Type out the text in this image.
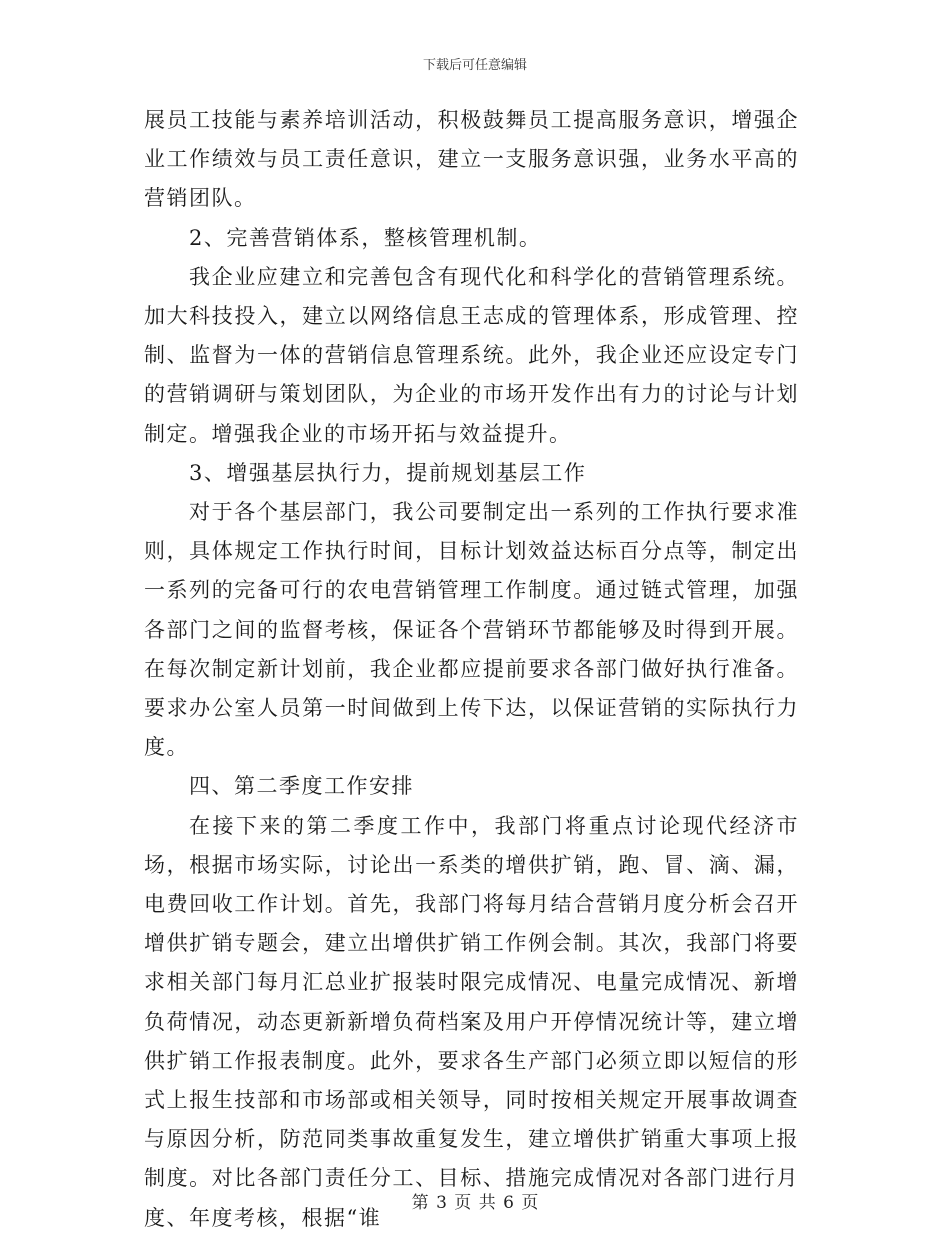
下载后可任意编辑

展员工技能与素养培训活动，积极鼓舞员工提高服务意识，增强企业工作绩效与员工责任意识，建立一支服务意识强，业务水平高的营销团队。

2、完善营销体系，整核管理机制。

我企业应建立和完善包含有现代化和科学化的营销管理系统。加大科技投入，建立以网络信息王志成的管理体系，形成管理、控制、监督为一体的营销信息管理系统。此外，我企业还应设定专门的营销调研与策划团队，为企业的市场开发作出有力的讨论与计划制定。增强我企业的市场开拓与效益提升。

3、增强基层执行力，提前规划基层工作

对于各个基层部门，我公司要制定出一系列的工作执行要求准则，具体规定工作执行时间，目标计划效益达标百分点等，制定出一系列的完备可行的农电营销管理工作制度。通过链式管理，加强各部门之间的监督考核，保证各个营销环节都能够及时得到开展。在每次制定新计划前，我企业都应提前要求各部门做好执行准备。要求办公室人员第一时间做到上传下达，以保证营销的实际执行力度。

四、第二季度工作安排

在接下来的第二季度工作中，我部门将重点讨论现代经济市场，根据市场实际，讨论出一系类的增供扩销，跑、冒、滴、漏，电费回收工作计划。首先，我部门将每月结合营销月度分析会召开增供扩销专题会，建立出增供扩销工作例会制。其次，我部门将要求相关部门每月汇总业扩报装时限完成情况、电量完成情况、新增负荷情况，动态更新新增负荷档案及用户开停情况统计等，建立增供扩销工作报表制度。此外，要求各生产部门必须立即以短信的形式上报生技部和市场部或相关领导，同时按相关规定开展事故调查与原因分析，防范同类事故重复发生，建立增供扩销重大事项上报制度。对比各部门责任分工、目标、措施完成情况对各部门进行月度、年度考核，根据“谁

第 3 页 共 6 页
